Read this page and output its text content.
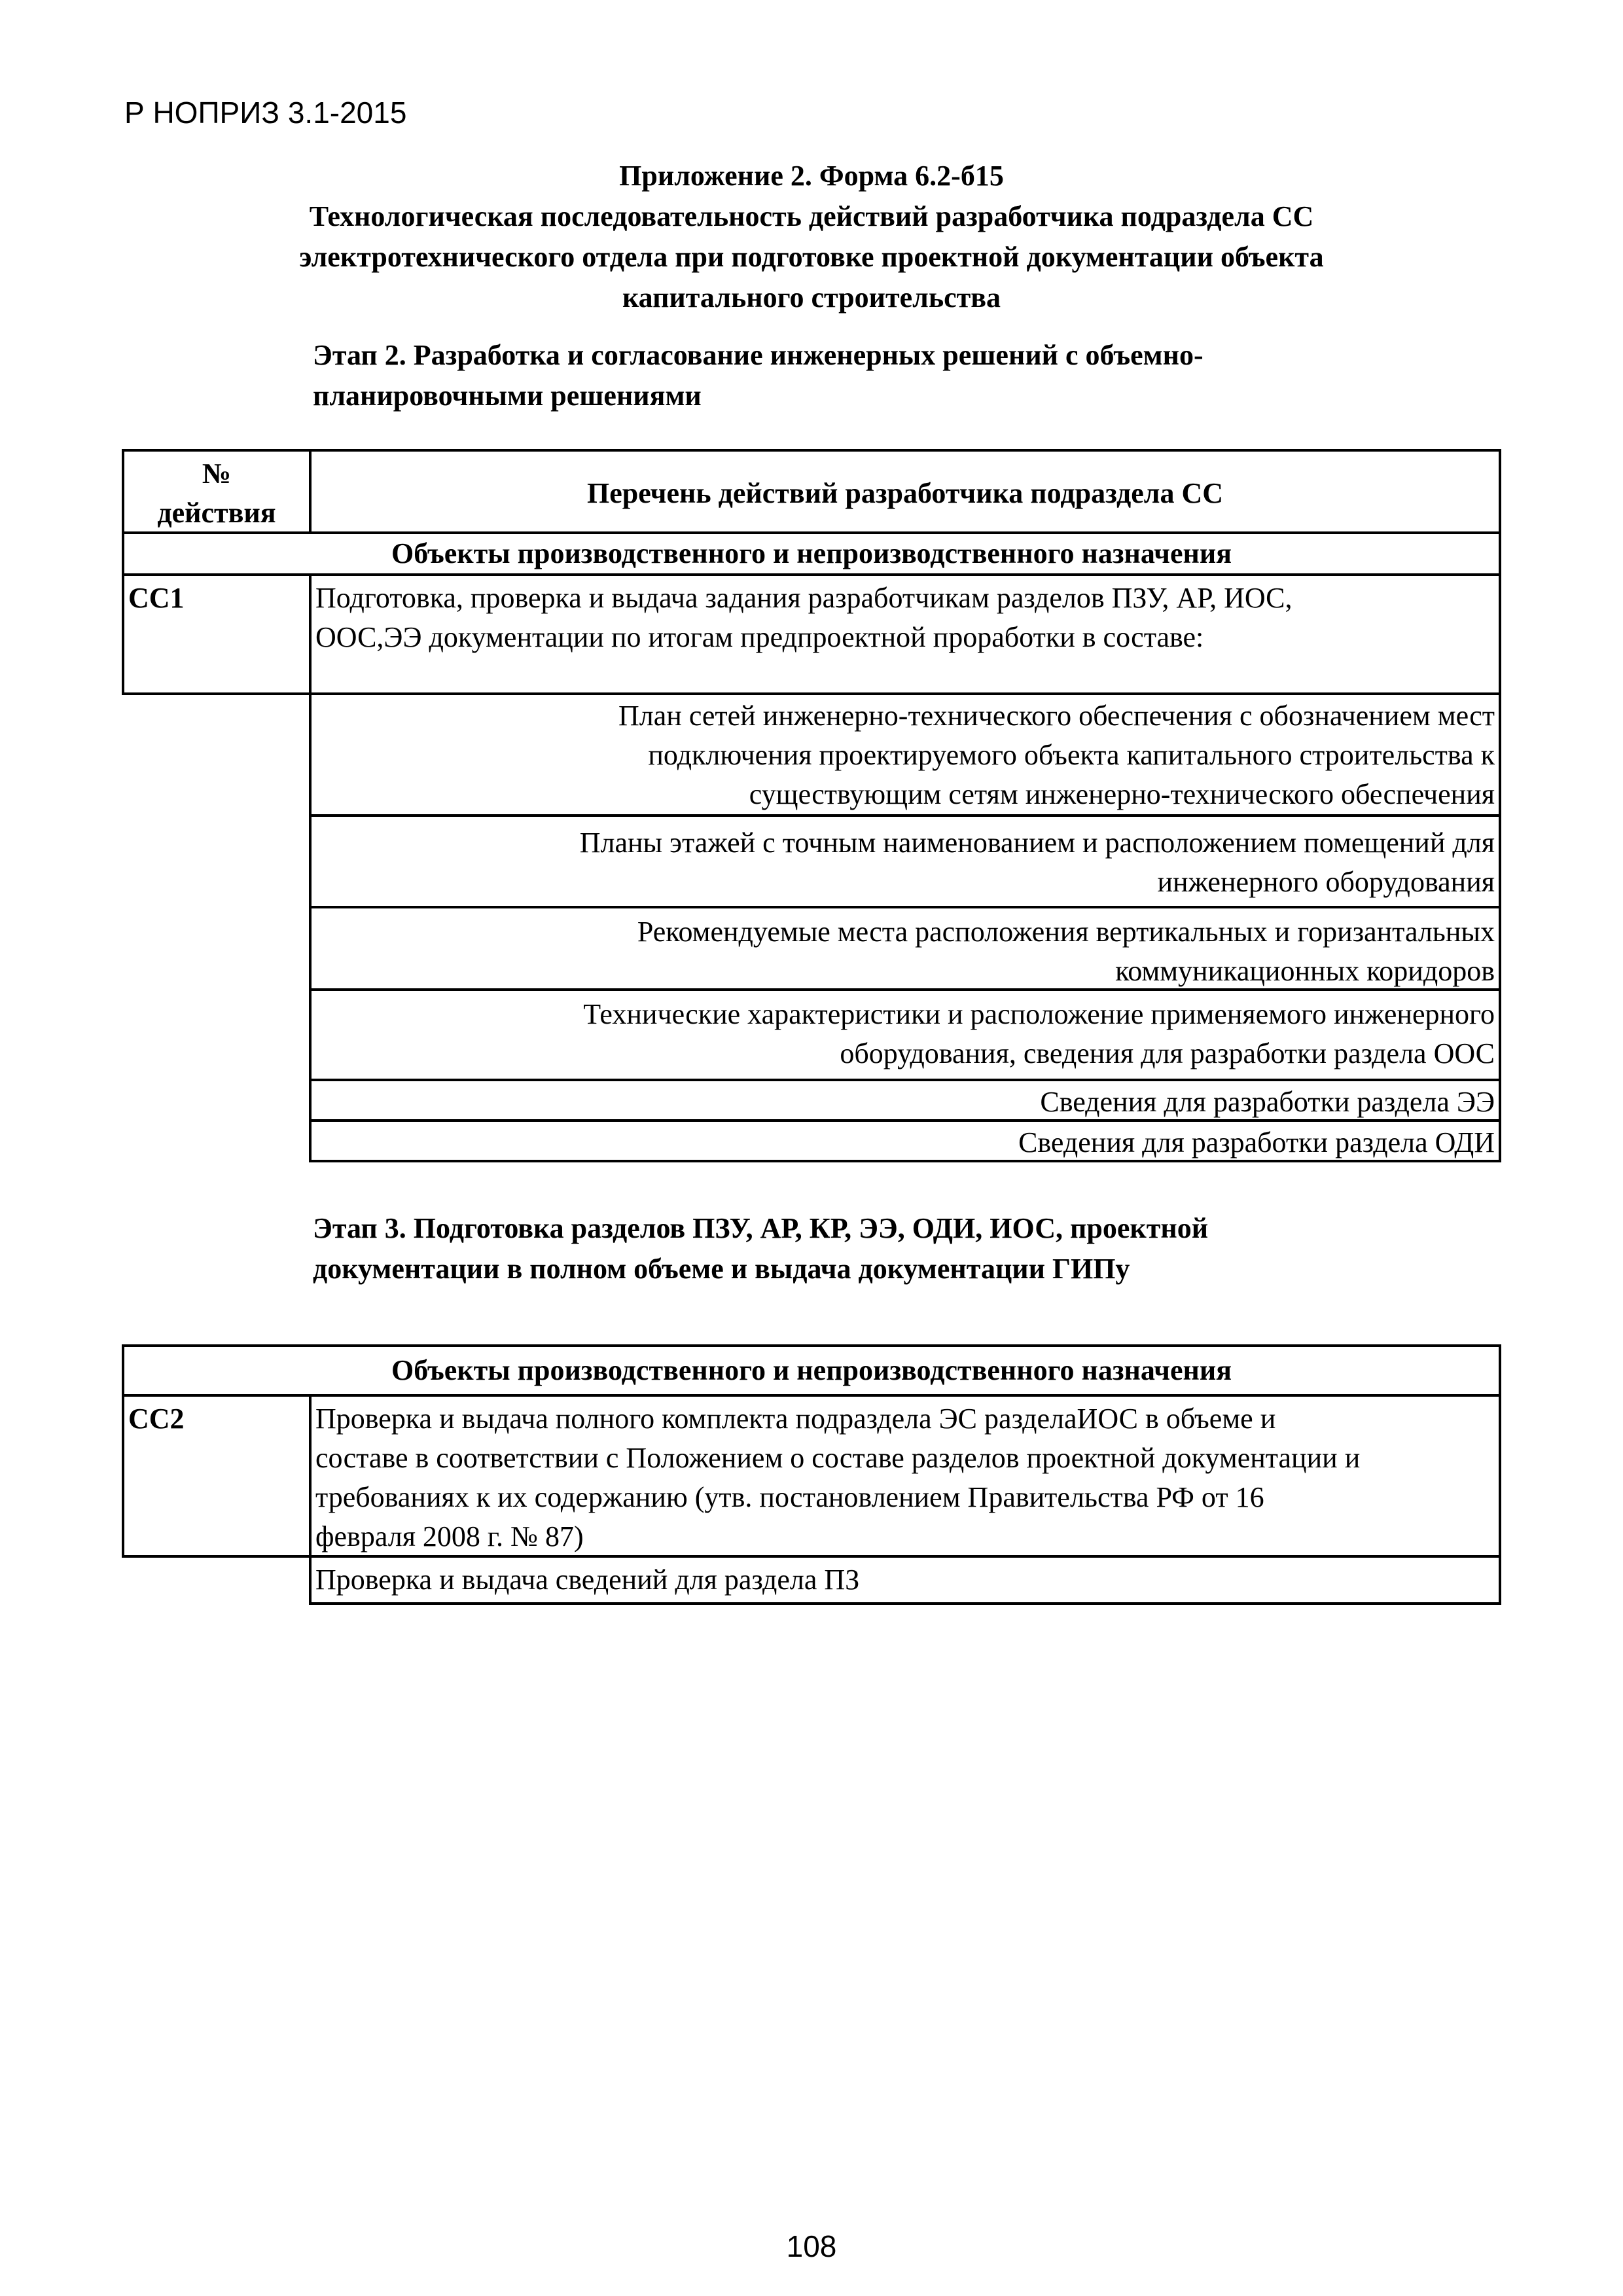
Р НОПРИЗ 3.1-2015
Приложение 2. Форма 6.2-б15
Технологическая последовательность действий разработчика подраздела СС
электротехнического отдела при подготовке проектной документации объекта
капитального строительства
Этап 2. Разработка и согласование инженерных решений с объемно-
планировочными решениями
№
действия
Перечень действий разработчика подраздела СС
Объекты производственного и непроизводственного назначения
СС1	Подготовка, проверка и выдача задания разработчикам разделов ПЗУ, АР, ИОС,
ООС,ЭЭ документации по итогам предпроектной проработки в составе:
План сетей инженерно-технического обеспечения с обозначением мест
подключения проектируемого объекта капитального строительства к
существующим сетям инженерно-технического обеспечения
Планы этажей с точным наименованием и расположением помещений для
инженерного оборудования
Рекомендуемые места расположения вертикальных и горизантальных
коммуникационных коридоров
Технические характеристики и расположение применяемого инженерного
оборудования, сведения для разработки раздела ООС
Сведения для разработки раздела ЭЭ
Сведения для разработки раздела ОДИ
Этап 3. Подготовка разделов ПЗУ, АР, КР, ЭЭ, ОДИ, ИОС, проектной
документации в полном объеме и выдача документации ГИПу
Объекты производственного и непроизводственного назначения
СС2	Проверка и выдача полного комплекта подраздела ЭС разделаИОС в объеме и
составе в соответствии с Положением о составе разделов проектной документации и
требованиях к их содержанию (утв. постановлением Правительства РФ от 16
февраля 2008 г. № 87)
Проверка и выдача сведений для раздела ПЗ
108
